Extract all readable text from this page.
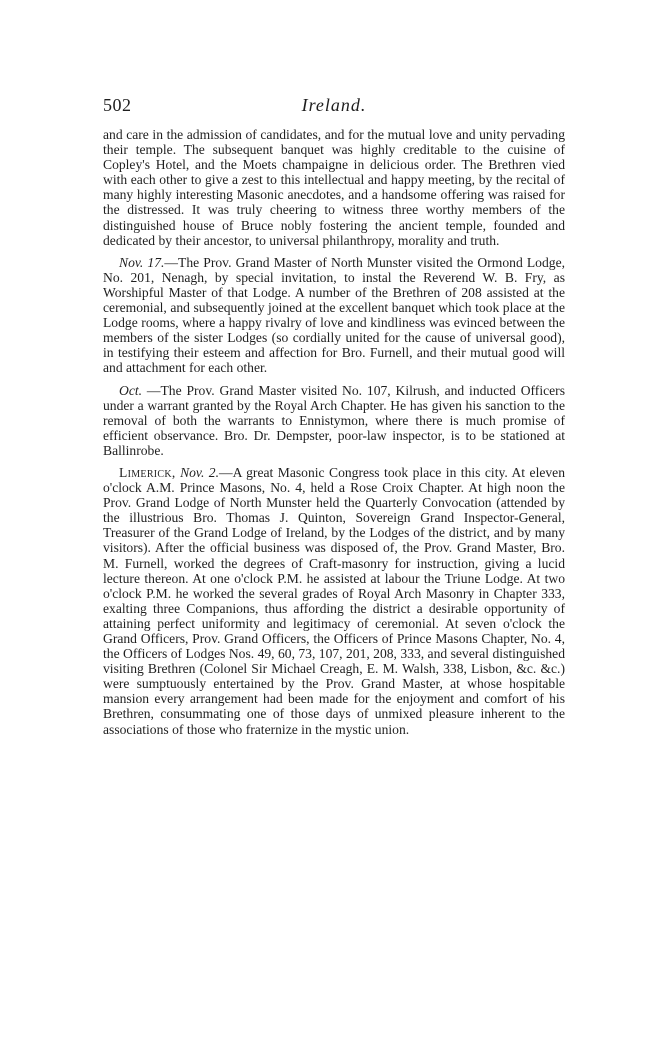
502	Ireland.

and care in the admission of candidates, and for the mutual love and unity pervading their temple. The subsequent banquet was highly creditable to the cuisine of Copley's Hotel, and the Moets champaigne in delicious order. The Brethren vied with each other to give a zest to this intellectual and happy meeting, by the recital of many highly interesting Masonic anecdotes, and a handsome offering was raised for the distressed. It was truly cheering to witness three worthy members of the distinguished house of Bruce nobly fostering the ancient temple, founded and dedicated by their ancestor, to universal philanthropy, morality and truth.

Nov. 17.—The Prov. Grand Master of North Munster visited the Ormond Lodge, No. 201, Nenagh, by special invitation, to instal the Reverend W. B. Fry, as Worshipful Master of that Lodge. A number of the Brethren of 208 assisted at the ceremonial, and subsequently joined at the excellent banquet which took place at the Lodge rooms, where a happy rivalry of love and kindliness was evinced between the members of the sister Lodges (so cordially united for the cause of universal good), in testifying their esteem and affection for Bro. Furnell, and their mutual good will and attachment for each other.

Oct. —The Prov. Grand Master visited No. 107, Kilrush, and inducted Officers under a warrant granted by the Royal Arch Chapter. He has given his sanction to the removal of both the warrants to Ennistymon, where there is much promise of efficient observance. Bro. Dr. Dempster, poor-law inspector, is to be stationed at Ballinrobe.

Limerick, Nov. 2.—A great Masonic Congress took place in this city. At eleven o'clock A.M. Prince Masons, No. 4, held a Rose Croix Chapter. At high noon the Prov. Grand Lodge of North Munster held the Quarterly Convocation (attended by the illustrious Bro. Thomas J. Quinton, Sovereign Grand Inspector-General, Treasurer of the Grand Lodge of Ireland, by the Lodges of the district, and by many visitors). After the official business was disposed of, the Prov. Grand Master, Bro. M. Furnell, worked the degrees of Craft-masonry for instruction, giving a lucid lecture thereon. At one o'clock P.M. he assisted at labour the Triune Lodge. At two o'clock P.M. he worked the several grades of Royal Arch Masonry in Chapter 333, exalting three Companions, thus affording the district a desirable opportunity of attaining perfect uniformity and legitimacy of ceremonial. At seven o'clock the Grand Officers, Prov. Grand Officers, the Officers of Prince Masons Chapter, No. 4, the Officers of Lodges Nos. 49, 60, 73, 107, 201, 208, 333, and several distinguished visiting Brethren (Colonel Sir Michael Creagh, E. M. Walsh, 338, Lisbon, &c. &c.) were sumptuously entertained by the Prov. Grand Master, at whose hospitable mansion every arrangement had been made for the enjoyment and comfort of his Brethren, consummating one of those days of unmixed pleasure inherent to the associations of those who fraternize in the mystic union.
